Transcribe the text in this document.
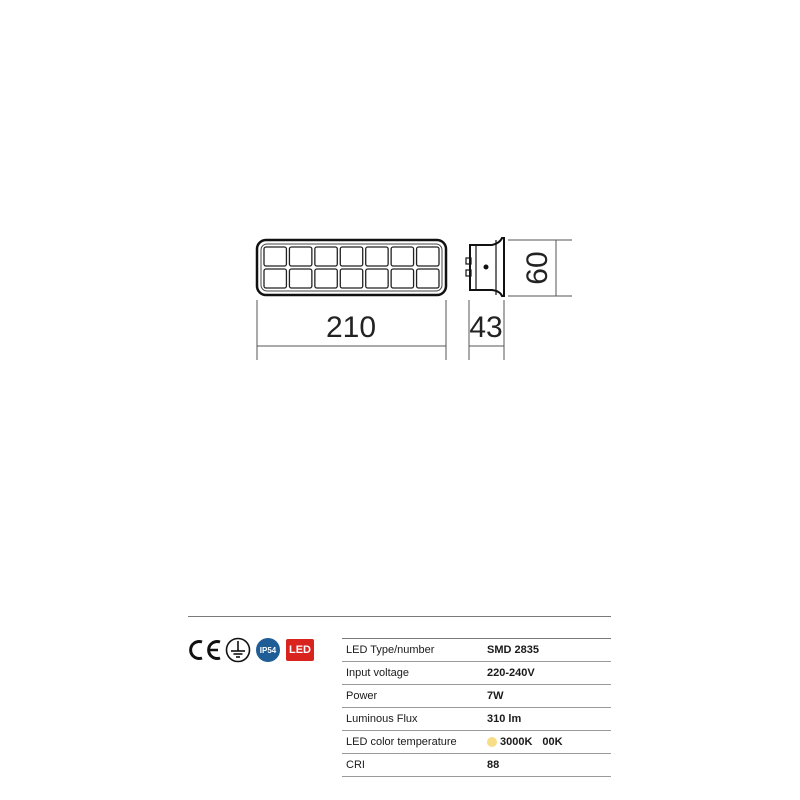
210	43
60
IP54	LED	LED Type/number	SMD 2835
Input voltage	220-240V
Power	7W
Luminous Flux	310 lm
LED color temperature	3000K 00K
CRI	88
